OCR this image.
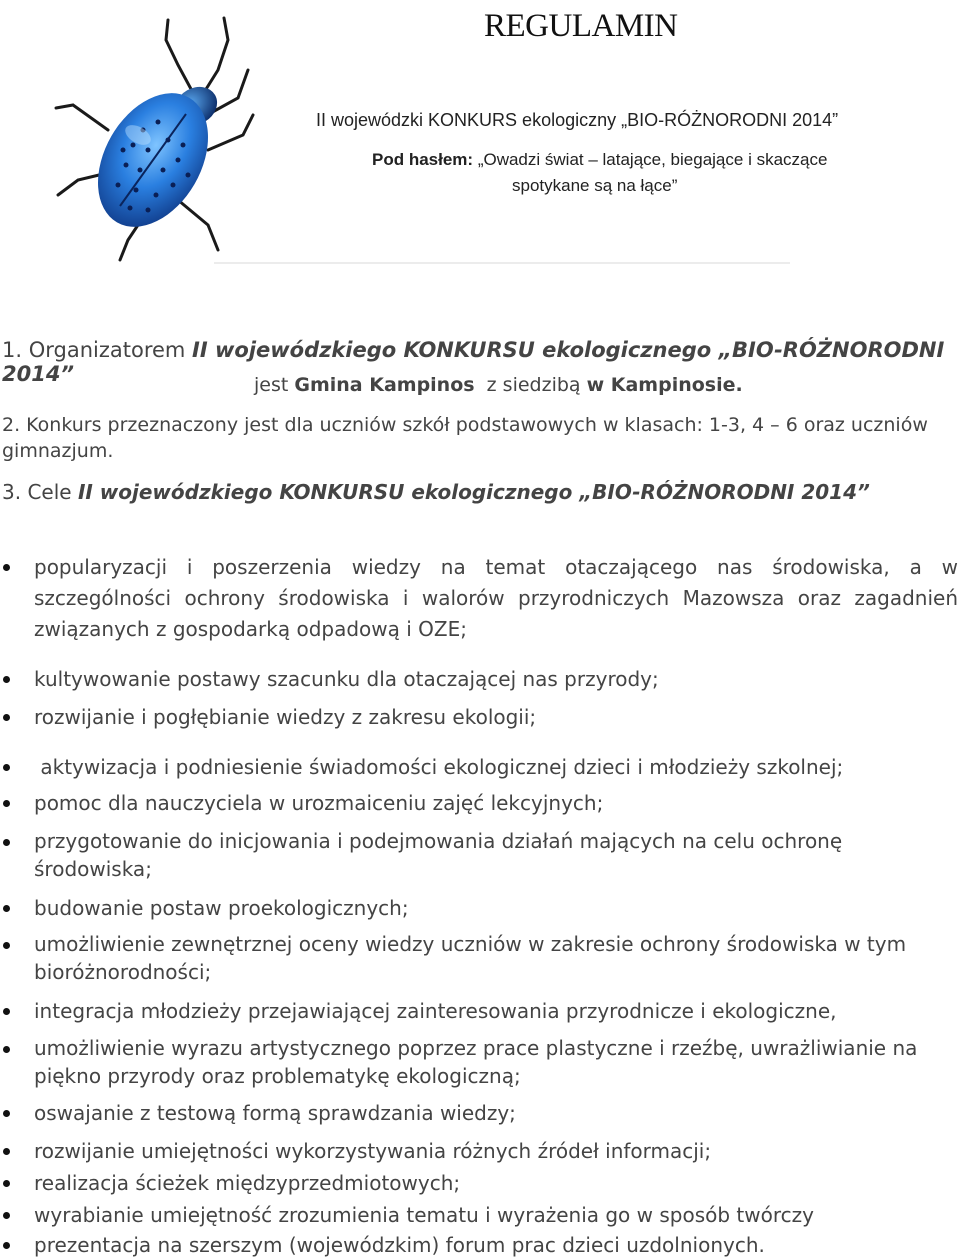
REGULAMIN
II wojewódzki KONKURS ekologiczny „BIO-RÓŻNORODNI 2014”
Pod hasłem: „Owadzi świat – latające, biegające i skaczące
spotykane są na łące”
1. Organizatorem II wojewódzkiego KONKURSU ekologicznego „BIO-RÓŻNORODNI 2014”	jest Gmina Kampinos  z siedzibą w Kampinosie.
2. Konkurs przeznaczony jest dla uczniów szkół podstawowych w klasach: 1-3, 4 – 6 oraz uczniów gimnazjum.
3. Cele II wojewódzkiego KONKURSU ekologicznego „BIO-RÓŻNORODNI 2014”
popularyzacji i poszerzenia wiedzy na temat otaczającego nas środowiska, a w szczególności ochrony środowiska i walorów przyrodniczych Mazowsza oraz zagadnień związanych z gospodarką odpadową i OZE;
kultywowanie postawy szacunku dla otaczającej nas przyrody;
rozwijanie i pogłębianie wiedzy z zakresu ekologii;
aktywizacja i podniesienie świadomości ekologicznej dzieci i młodzieży szkolnej;
pomoc dla nauczyciela w urozmaiceniu zajęć lekcyjnych;
przygotowanie do inicjowania i podejmowania działań mających na celu ochronę środowiska;
budowanie postaw proekologicznych;
umożliwienie zewnętrznej oceny wiedzy uczniów w zakresie ochrony środowiska w tym bioróżnorodności;
integracja młodzieży przejawiającej zainteresowania przyrodnicze i ekologiczne,
umożliwienie wyrazu artystycznego poprzez prace plastyczne i rzeźbę, uwrażliwianie na piękno przyrody oraz problematykę ekologiczną;
oswajanie z testową formą sprawdzania wiedzy;
rozwijanie umiejętności wykorzystywania różnych źródeł informacji;
realizacja ścieżek międzyprzedmiotowych;
wyrabianie umiejętność zrozumienia tematu i wyrażenia go w sposób twórczy
prezentacja na szerszym (wojewódzkim) forum prac dzieci uzdolnionych.
